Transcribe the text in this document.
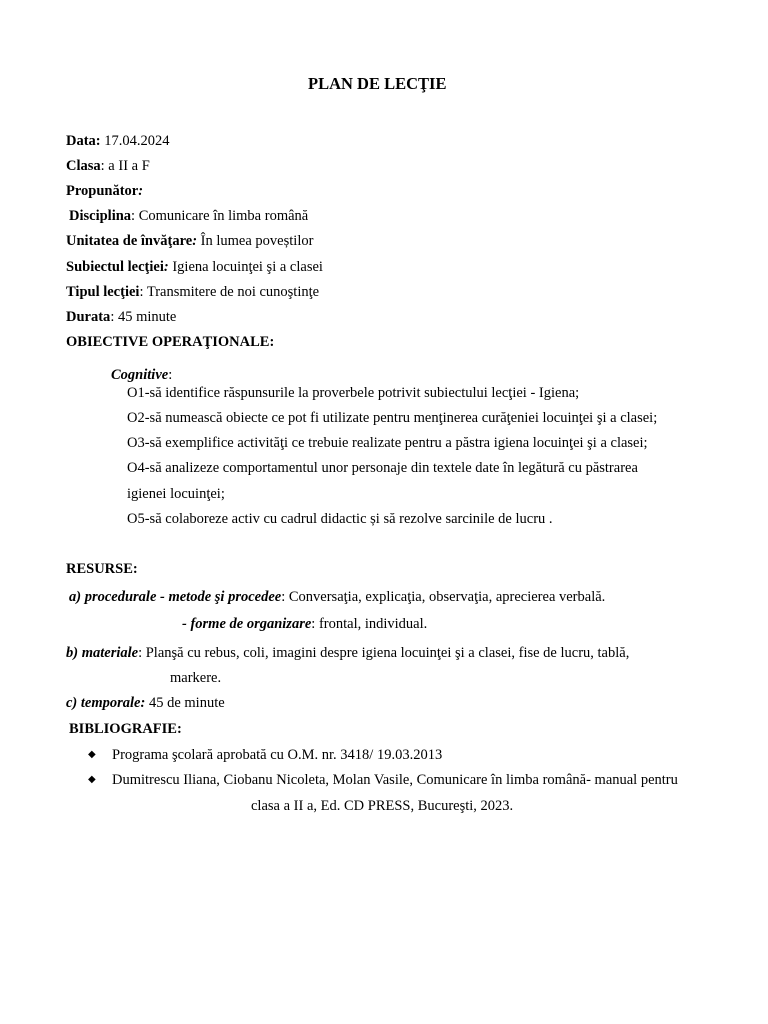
PLAN DE LECŢIE
Data: 17.04.2024
Clasa: a II a F
Propunător:
Disciplina: Comunicare în limba română
Unitatea de învăţare: În lumea poveștilor
Subiectul lecţiei: Igiena locuinţei şi a clasei
Tipul lecţiei: Transmitere de noi cunoştinţe
Durata: 45 minute
OBIECTIVE OPERAŢIONALE:
Cognitive:
O1-să identifice răspunsurile la proverbele potrivit subiectului lecţiei - Igiena;
O2-să numească obiecte ce pot fi utilizate pentru menţinerea curăţeniei locuinţei şi a clasei;
O3-să exemplifice activităţi ce trebuie realizate pentru a păstra igiena locuinţei şi a clasei;
O4-să analizeze comportamentul unor personaje din textele date în legătură cu păstrarea
igienei locuinţei;
O5-să colaboreze activ cu cadrul didactic și să rezolve sarcinile de lucru .
RESURSE:
a) procedurale - metode şi procedee: Conversaţia, explicaţia, observaţia, aprecierea verbală.
- forme de organizare: frontal, individual.
b) materiale: Planşă cu rebus, coli, imagini despre igiena locuinţei şi a clasei, fise de lucru, tablă,
markere.
c) temporale: 45 de minute
BIBLIOGRAFIE:
◆ Programa şcolară aprobată cu O.M. nr. 3418/ 19.03.2013
◆ Dumitrescu Iliana, Ciobanu Nicoleta, Molan Vasile, Comunicare în limba română- manual pentru
clasa a II a, Ed. CD PRESS, Bucureşti, 2023.
